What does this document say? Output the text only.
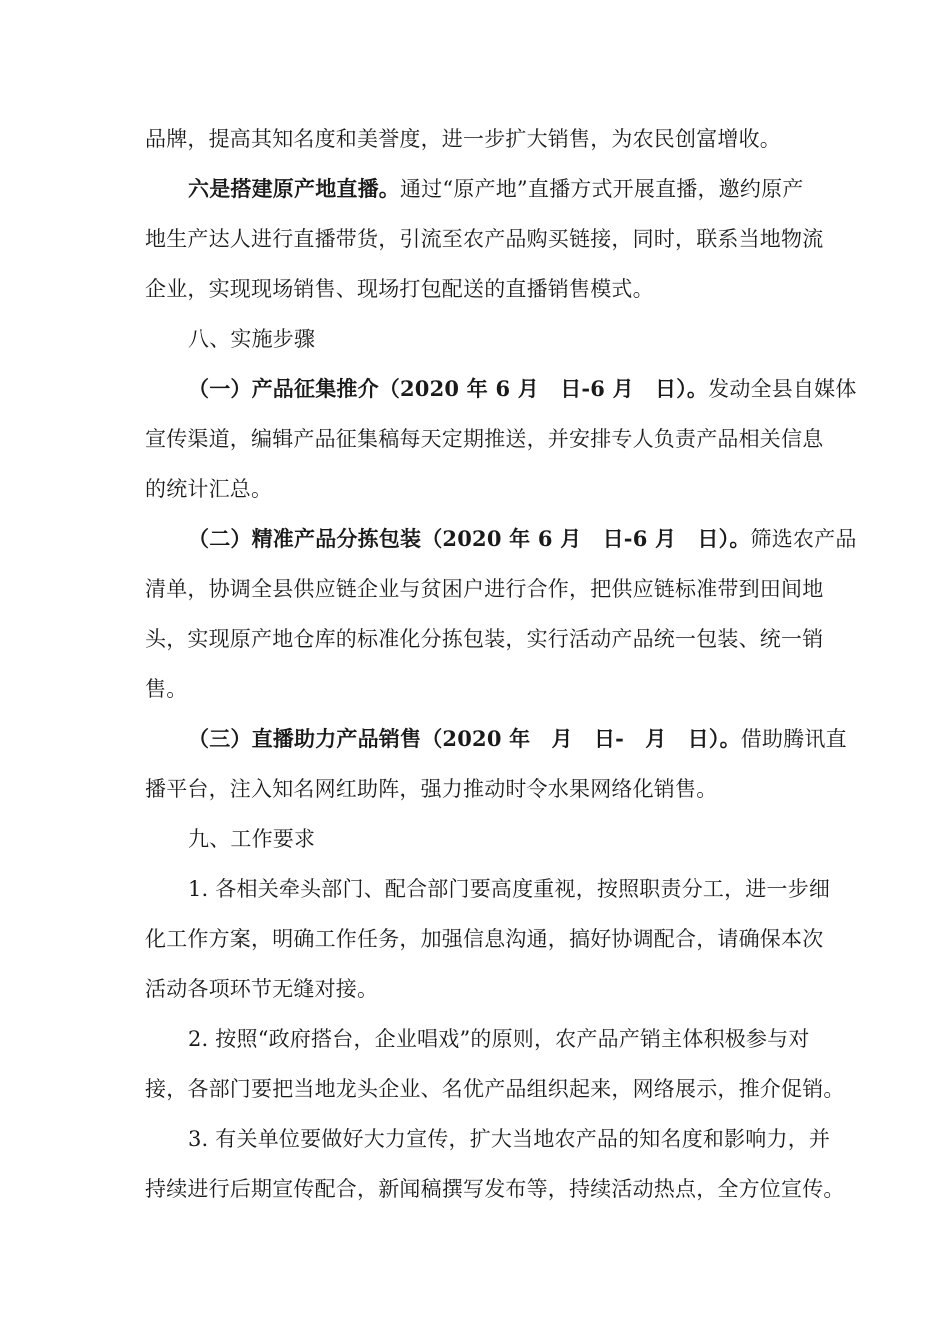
品牌，提高其知名度和美誉度，进一步扩大销售，为农民创富增收。
六是搭建原产地直播。通过“原产地”直播方式开展直播，邀约原产
地生产达人进行直播带货，引流至农产品购买链接，同时，联系当地物流
企业，实现现场销售、现场打包配送的直播销售模式。
八、实施步骤
（一）产品征集推介（2020 年 6 月　日-6 月　日）。发动全县自媒体
宣传渠道，编辑产品征集稿每天定期推送，并安排专人负责产品相关信息
的统计汇总。
（二）精准产品分拣包装（2020 年 6 月　日-6 月　日）。筛选农产品
清单，协调全县供应链企业与贫困户进行合作，把供应链标准带到田间地
头，实现原产地仓库的标准化分拣包装，实行活动产品统一包装、统一销
售。
（三）直播助力产品销售（2020 年　月　日-　月　日）。借助腾讯直
播平台，注入知名网红助阵，强力推动时令水果网络化销售。
九、工作要求
1. 各相关牵头部门、配合部门要高度重视，按照职责分工，进一步细
化工作方案，明确工作任务，加强信息沟通，搞好协调配合，请确保本次
活动各项环节无缝对接。
2. 按照“政府搭台，企业唱戏”的原则，农产品产销主体积极参与对
接，各部门要把当地龙头企业、名优产品组织起来，网络展示，推介促销。
3. 有关单位要做好大力宣传，扩大当地农产品的知名度和影响力，并
持续进行后期宣传配合，新闻稿撰写发布等，持续活动热点，全方位宣传。
